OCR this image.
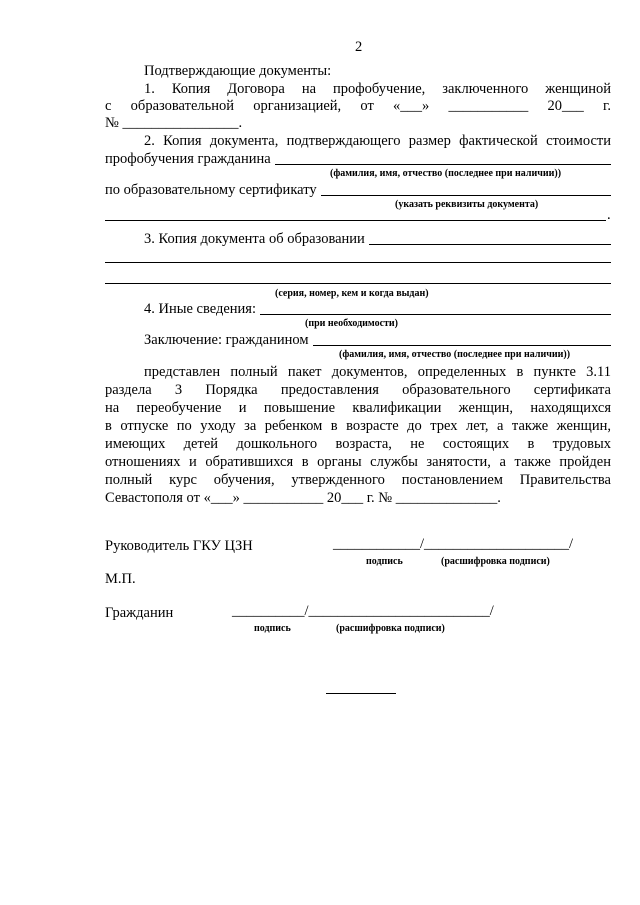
2
Подтверждающие документы:
1. Копия Договора на профобучение, заключенного женщиной
с образовательной организацией, от «___» ___________ 20___ г.
№ ________________.
2. Копия документа, подтверждающего размер фактической стоимости
профобучения гражданина
(фамилия, имя, отчество (последнее при наличии))
по образовательному сертификату
(указать реквизиты документа)
.
3. Копия документа об образовании
(серия, номер, кем и когда выдан)
4. Иные сведения:
(при необходимости)
Заключение: гражданином
(фамилия, имя, отчество (последнее при наличии))
представлен полный пакет документов, определенных в пункте 3.11
раздела 3 Порядка предоставления образовательного сертификата
на переобучение и повышение квалификации женщин, находящихся
в отпуске по уходу за ребенком в возрасте до трех лет, а также женщин,
имеющих детей дошкольного возраста, не состоящих в трудовых
отношениях и обратившихся в органы службы занятости, а также пройден
полный курс обучения, утвержденного постановлением Правительства
Севастополя от «___» ___________ 20___ г. № ______________.
Руководитель ГКУ ЦЗН	____________/____________________/
подпись	(расшифровка подписи)
М.П.
Гражданин	__________/_________________________/
подпись	(расшифровка подписи)
